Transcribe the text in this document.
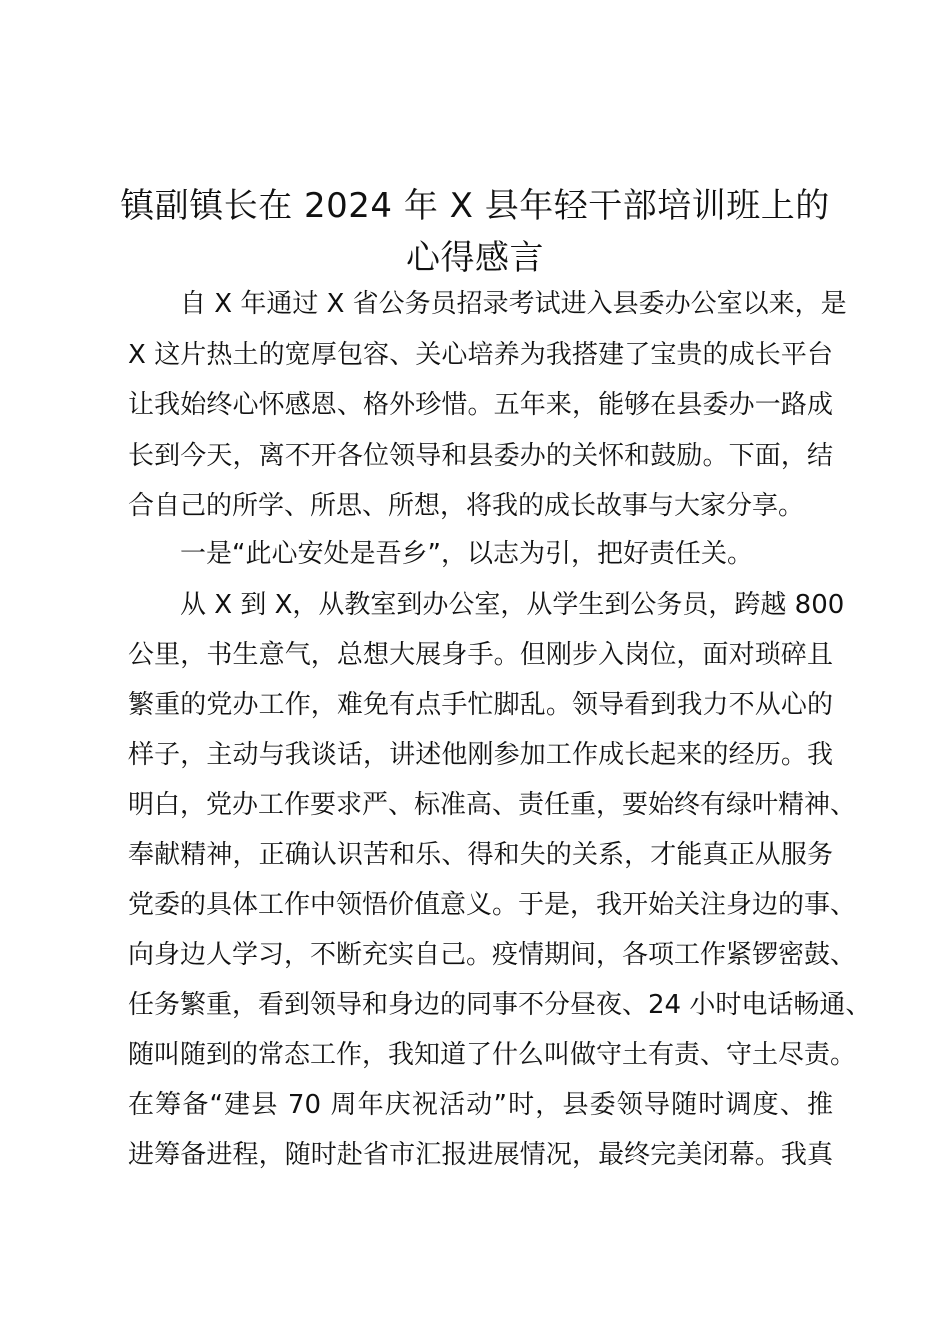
镇副镇长在 2024 年 X 县年轻干部培训班上的
心得感言
自 X 年通过 X 省公务员招录考试进入县委办公室以来，是
X 这片热土的宽厚包容、关心培养为我搭建了宝贵的成长平台
让我始终心怀感恩、格外珍惜。五年来，能够在县委办一路成
长到今天，离不开各位领导和县委办的关怀和鼓励。下面，结
合自己的所学、所思、所想，将我的成长故事与大家分享。
一是“此心安处是吾乡”，以志为引，把好责任关。
从 X 到 X，从教室到办公室，从学生到公务员，跨越 800
公里，书生意气，总想大展身手。但刚步入岗位，面对琐碎且
繁重的党办工作，难免有点手忙脚乱。领导看到我力不从心的
样子，主动与我谈话，讲述他刚参加工作成长起来的经历。我
明白，党办工作要求严、标准高、责任重，要始终有绿叶精神、
奉献精神，正确认识苦和乐、得和失的关系，才能真正从服务
党委的具体工作中领悟价值意义。于是，我开始关注身边的事、
向身边人学习，不断充实自己。疫情期间，各项工作紧锣密鼓、
任务繁重，看到领导和身边的同事不分昼夜、24 小时电话畅通、
随叫随到的常态工作，我知道了什么叫做守土有责、守土尽责。
在筹备“建县 70 周年庆祝活动”时，县委领导随时调度、推
进筹备进程，随时赴省市汇报进展情况，最终完美闭幕。我真
